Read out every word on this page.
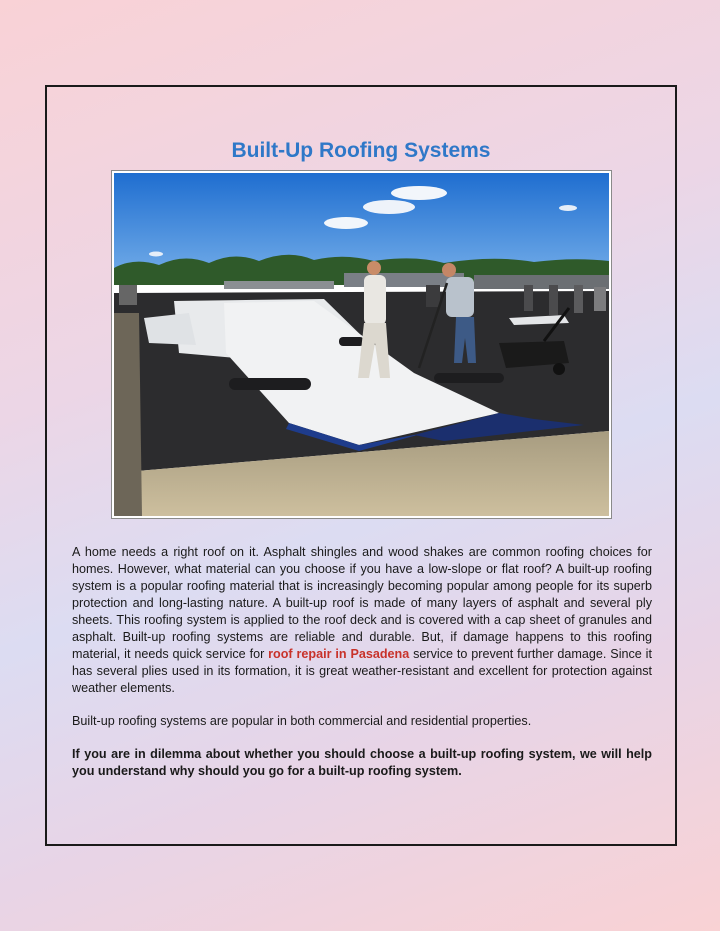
Built-Up Roofing Systems

A home needs a right roof on it. Asphalt shingles and wood shakes are common roofing choices for homes. However, what material can you choose if you have a low-slope or flat roof? A built-up roofing system is a popular roofing material that is increasingly becoming popular among people for its superb protection and long-lasting nature. A built-up roof is made of many layers of asphalt and several ply sheets. This roofing system is applied to the roof deck and is covered with a cap sheet of granules and asphalt. Built-up roofing systems are reliable and durable. But, if damage happens to this roofing material, it needs quick service for roof repair in Pasadena service to prevent further damage. Since it has several plies used in its formation, it is great weather-resistant and excellent for protection against weather elements.

Built-up roofing systems are popular in both commercial and residential properties.

If you are in dilemma about whether you should choose a built-up roofing system, we will help you understand why should you go for a built-up roofing system.
